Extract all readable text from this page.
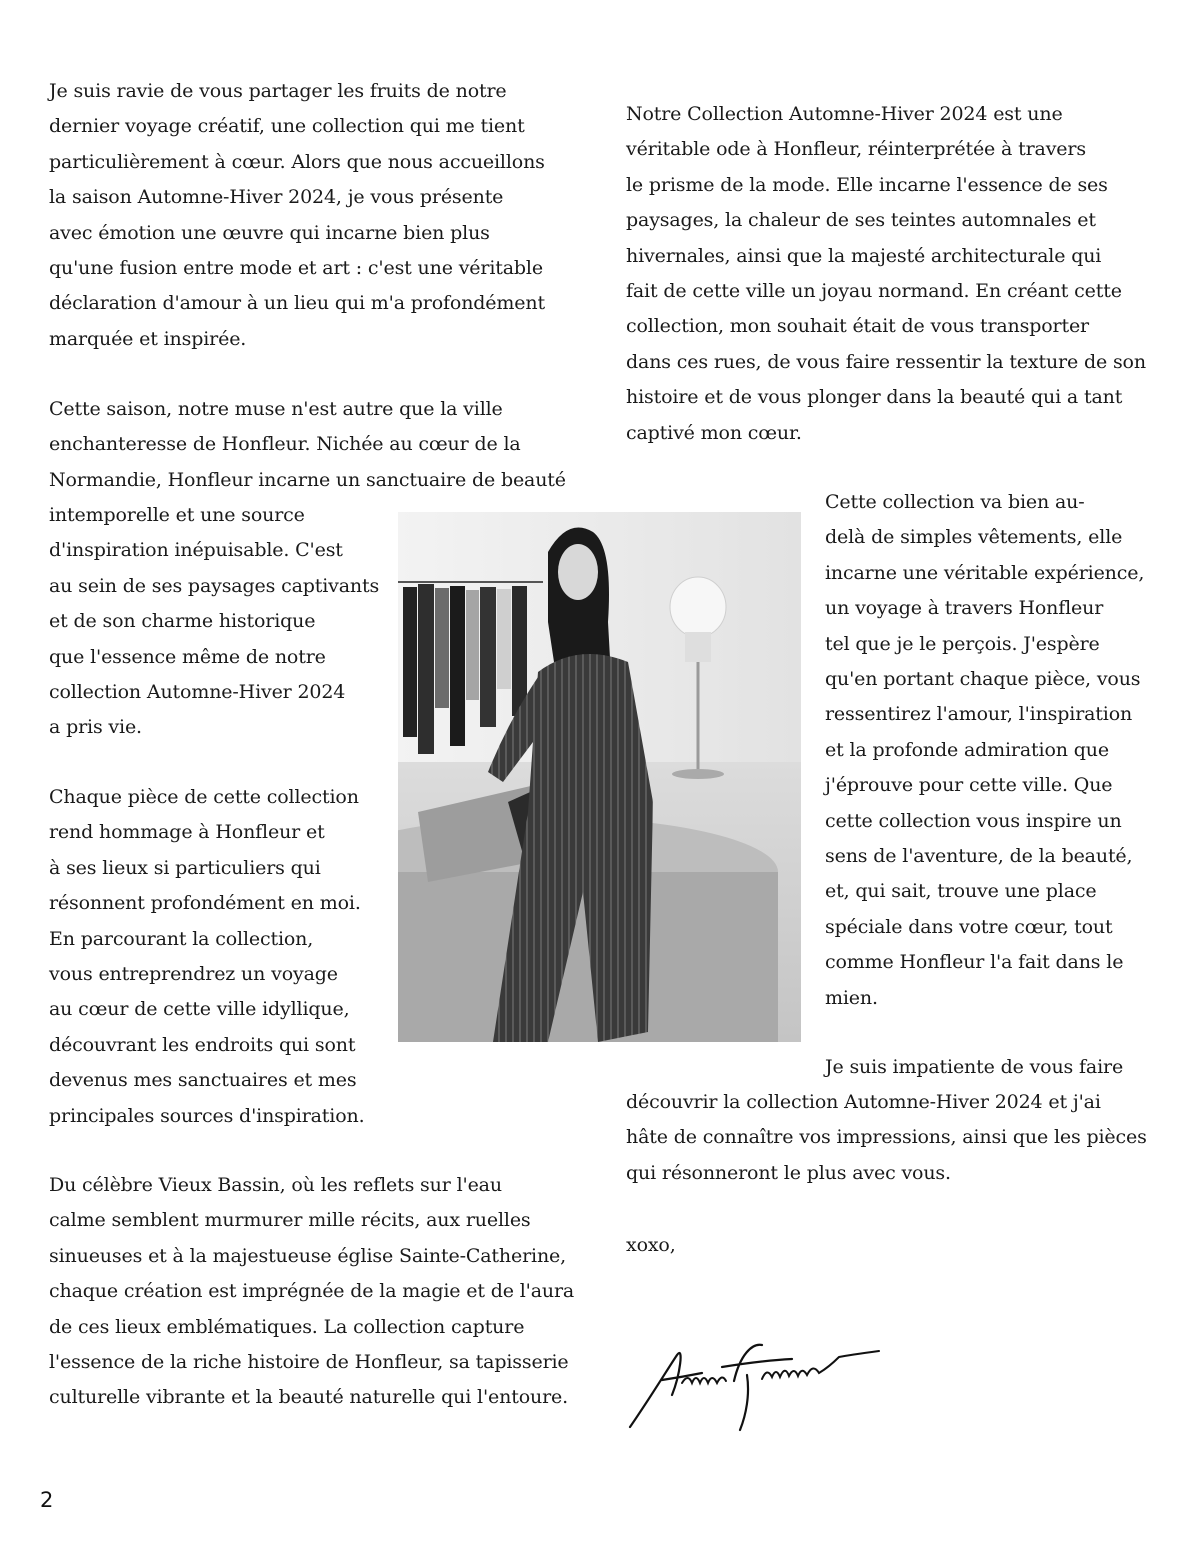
Je suis ravie de vous partager les fruits de notre
dernier voyage créatif, une collection qui me tient
particulièrement à cœur. Alors que nous accueillons
la saison Automne-Hiver 2024, je vous présente
avec émotion une œuvre qui incarne bien plus
qu'une fusion entre mode et art : c'est une véritable
déclaration d'amour à un lieu qui m'a profondément
marquée et inspirée.
Cette saison, notre muse n'est autre que la ville
enchanteresse de Honfleur. Nichée au cœur de la
Normandie, Honfleur incarne un sanctuaire de beauté
intemporelle et une source
d'inspiration inépuisable. C'est
au sein de ses paysages captivants
et de son charme historique
que l'essence même de notre
collection Automne-Hiver 2024
a pris vie.
Chaque pièce de cette collection
rend hommage à Honfleur et
à ses lieux si particuliers qui
résonnent profondément en moi.
En parcourant la collection,
vous entreprendrez un voyage
au cœur de cette ville idyllique,
découvrant les endroits qui sont
devenus mes sanctuaires et mes
principales sources d'inspiration.
Du célèbre Vieux Bassin, où les reflets sur l'eau
calme semblent murmurer mille récits, aux ruelles
sinueuses et à la majestueuse église Sainte-Catherine,
chaque création est imprégnée de la magie et de l'aura
de ces lieux emblématiques. La collection capture
l'essence de la riche histoire de Honfleur, sa tapisserie
culturelle vibrante et la beauté naturelle qui l'entoure.
Notre Collection Automne-Hiver 2024 est une
véritable ode à Honfleur, réinterprétée à travers
le prisme de la mode. Elle incarne l'essence de ses
paysages, la chaleur de ses teintes automnales et
hivernales, ainsi que la majesté architecturale qui
fait de cette ville un joyau normand. En créant cette
collection, mon souhait était de vous transporter
dans ces rues, de vous faire ressentir la texture de son
histoire et de vous plonger dans la beauté qui a tant
captivé mon cœur.
Cette collection va bien au-
delà de simples vêtements, elle
incarne une véritable expérience,
un voyage à travers Honfleur
tel que je le perçois. J'espère
qu'en portant chaque pièce, vous
ressentirez l'amour, l'inspiration
et la profonde admiration que
j'éprouve pour cette ville. Que
cette collection vous inspire un
sens de l'aventure, de la beauté,
et, qui sait, trouve une place
spéciale dans votre cœur, tout
comme Honfleur l'a fait dans le
mien.
Je suis impatiente de vous faire
découvrir la collection Automne-Hiver 2024 et j'ai
hâte de connaître vos impressions, ainsi que les pièces
qui résonneront le plus avec vous.
xoxo,
2
